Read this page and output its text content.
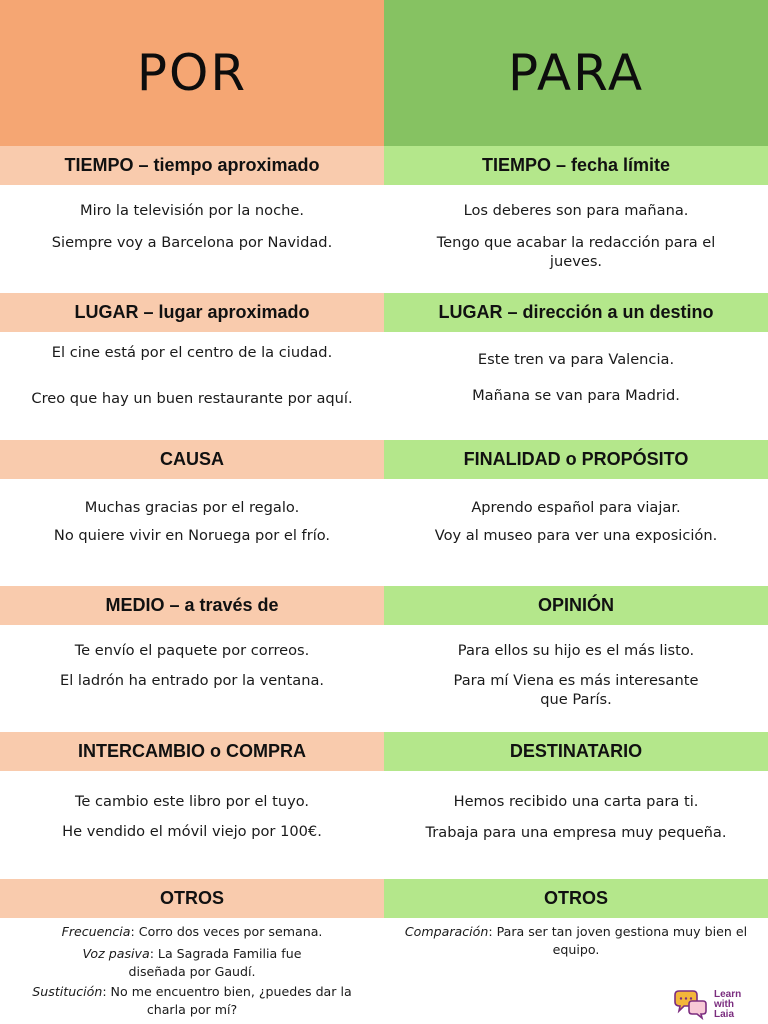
POR
TIEMPO – tiempo aproximado
Miro la televisión por la noche.
Siempre voy a Barcelona por Navidad.
LUGAR – lugar aproximado
El cine está por el centro de la ciudad.
Creo que hay un buen restaurante por aquí.
CAUSA
Muchas gracias por el regalo.
No quiere vivir en Noruega por el frío.
MEDIO – a través de
Te envío el paquete por correos.
El ladrón ha entrado por la ventana.
INTERCAMBIO o COMPRA
Te cambio este libro por el tuyo.
He vendido el móvil viejo por 100€.
OTROS
Frecuencia: Corro dos veces por semana.
Voz pasiva: La Sagrada Familia fue diseñada por Gaudí.
Sustitución: No me encuentro bien, ¿puedes dar la charla por mí?
PARA
TIEMPO – fecha límite
Los deberes son para mañana.
Tengo que acabar la redacción para el jueves.
LUGAR – dirección a un destino
Este tren va para Valencia.
Mañana se van para Madrid.
FINALIDAD o PROPÓSITO
Aprendo español para viajar.
Voy al museo para ver una exposición.
OPINIÓN
Para ellos su hijo es el más listo.
Para mí Viena es más interesante que París.
DESTINATARIO
Hemos recibido una carta para ti.
Trabaja para una empresa muy pequeña.
OTROS
Comparación: Para ser tan joven gestiona muy bien el equipo.
Learn
with
Laia
